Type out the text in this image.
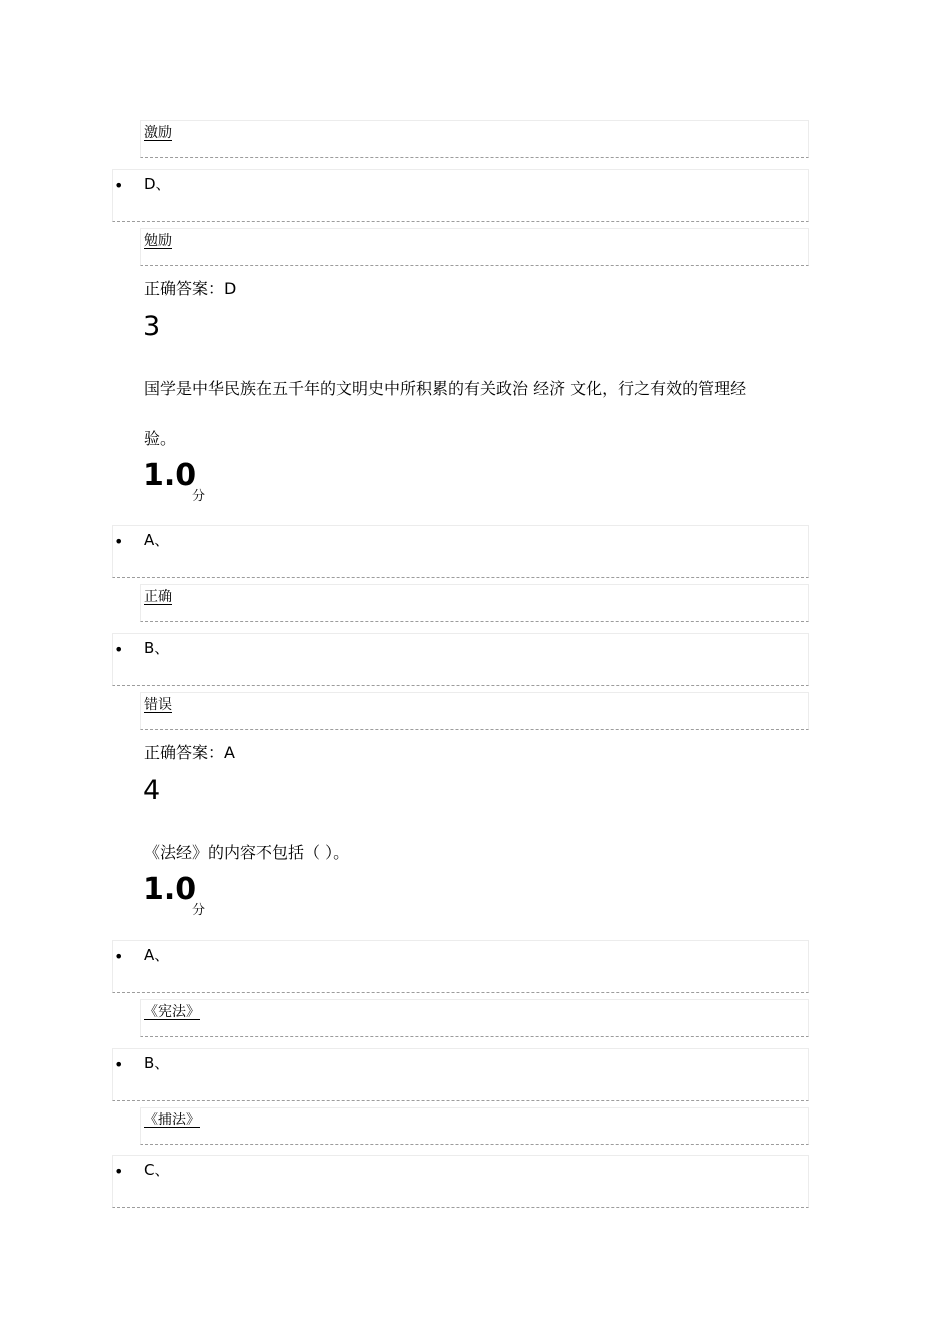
激励
• D、
勉励
正确答案：D
3
国学是中华民族在五千年的文明史中所积累的有关政治 经济 文化，行之有效的管理经
验。
1.0
分
• A、
正确
• B、
错误
正确答案：A
4
《法经》的内容不包括（ ）。
1.0
分
• A、
《宪法》
• B、
《捕法》
• C、
